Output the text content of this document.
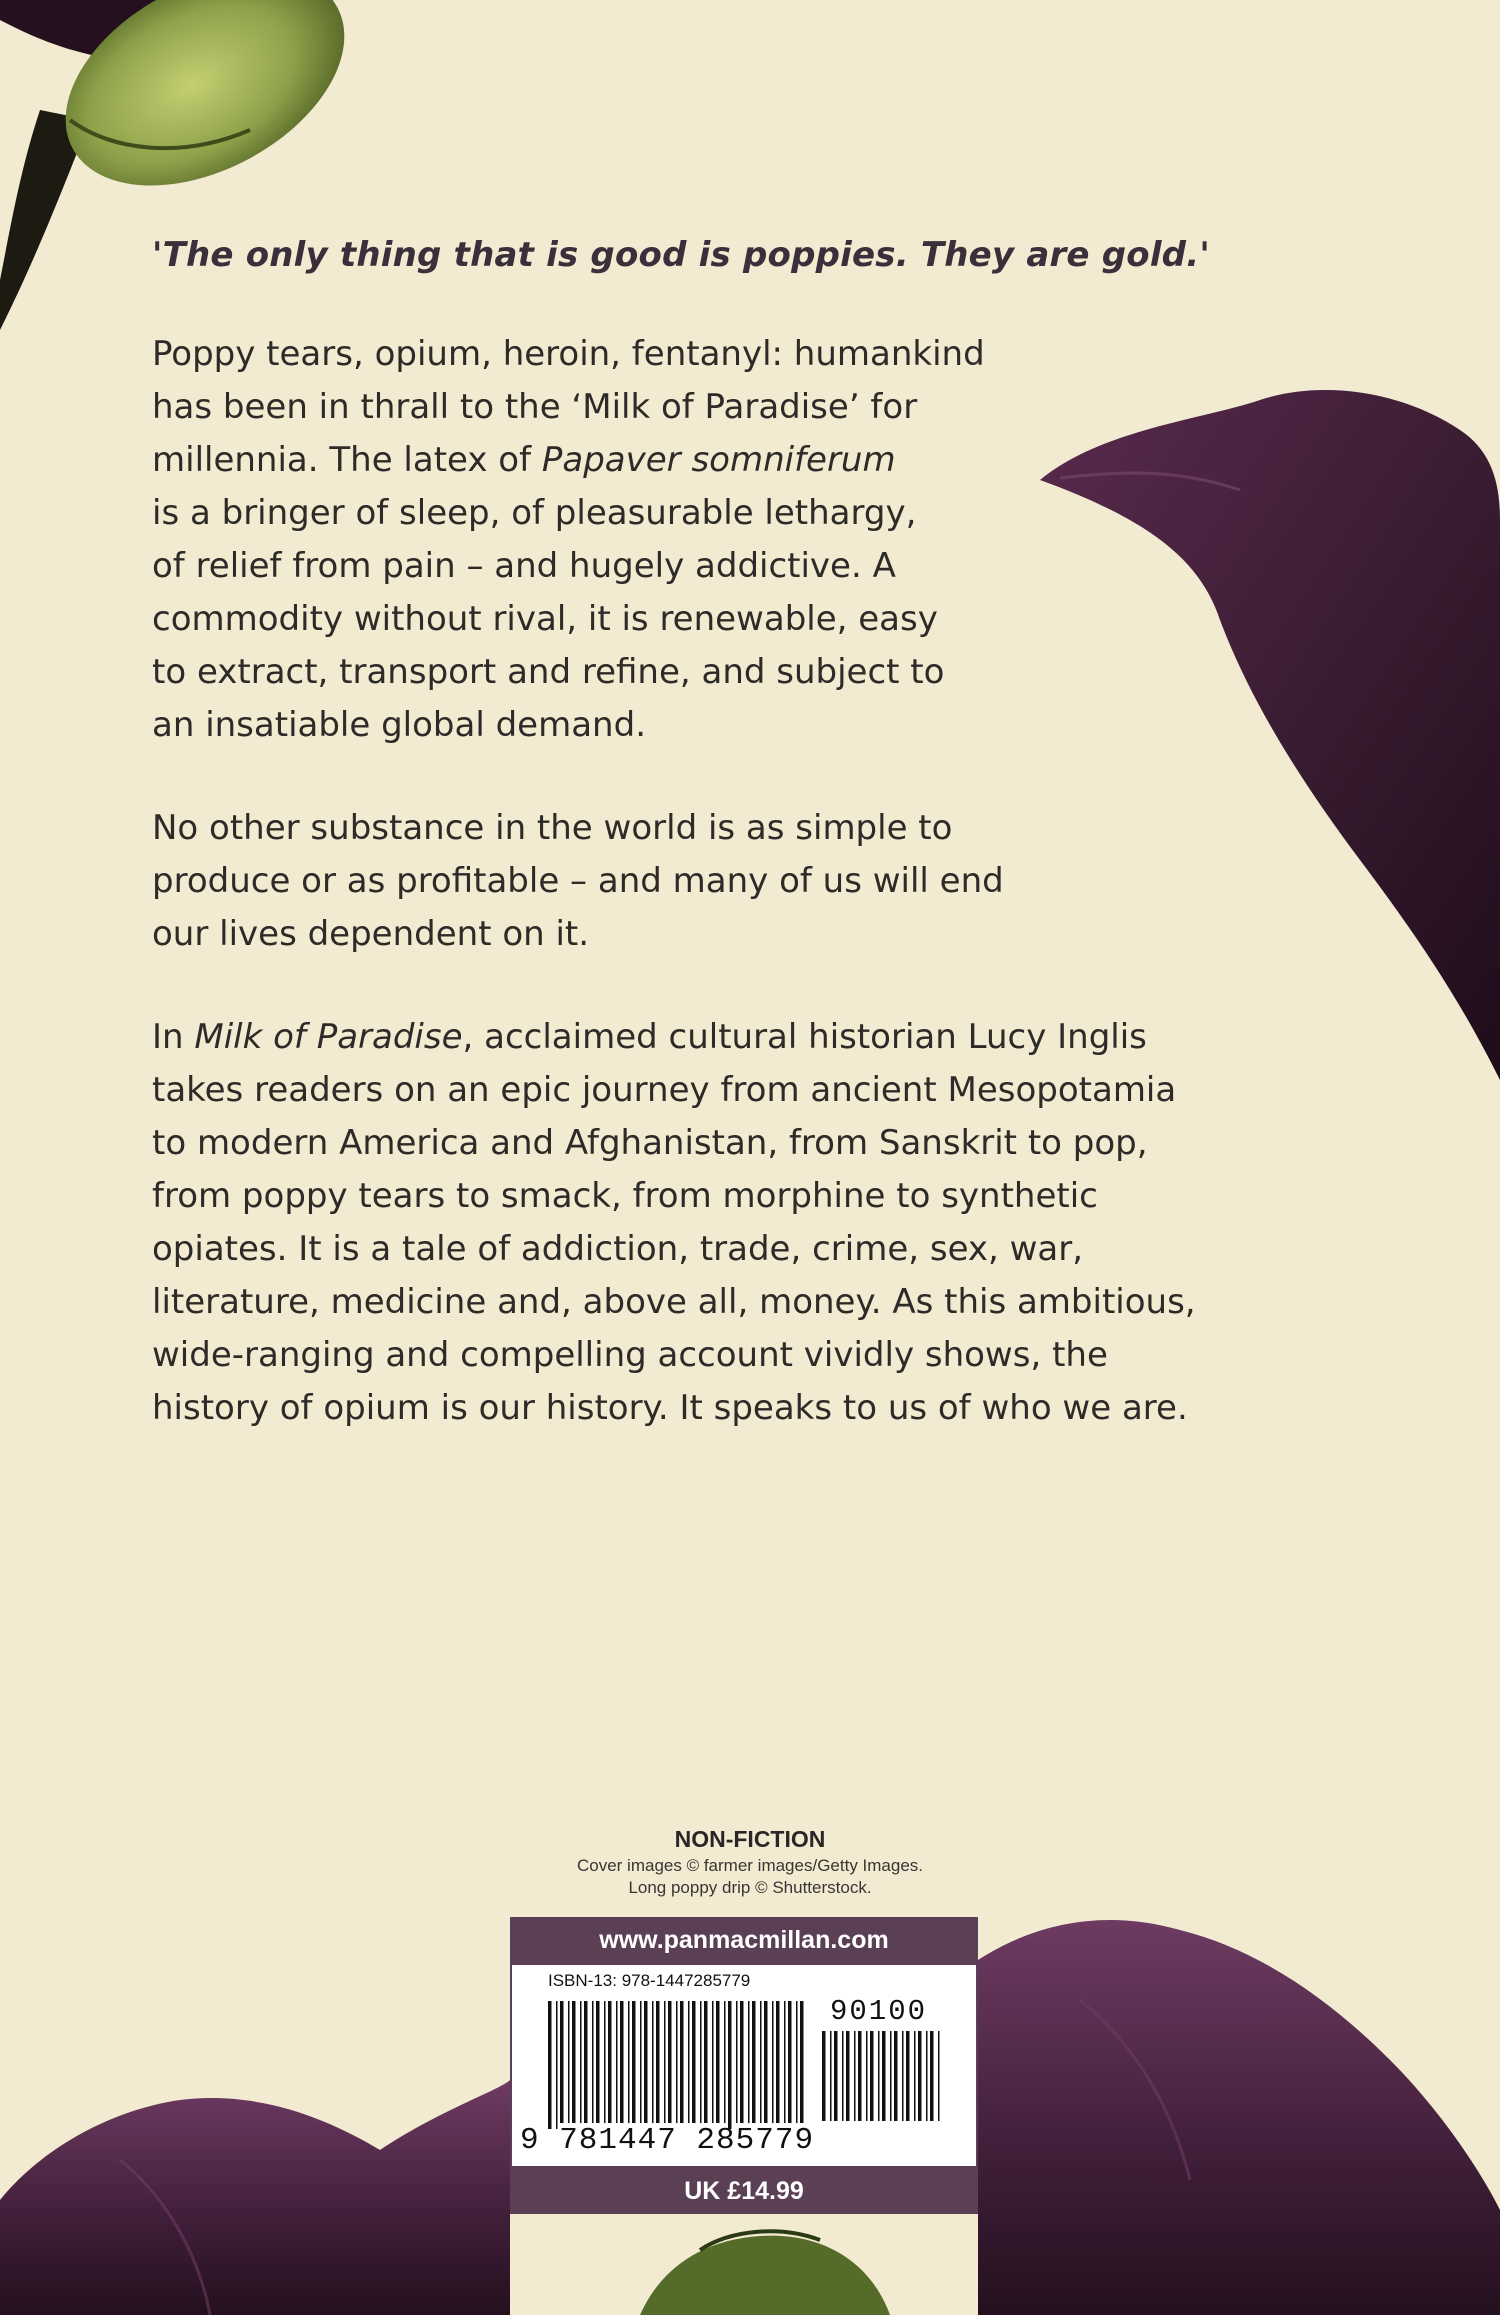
'The only thing that is good is poppies. They are gold.'

Poppy tears, opium, heroin, fentanyl: humankind
has been in thrall to the ‘Milk of Paradise’ for
millennia. The latex of Papaver somniferum
is a bringer of sleep, of pleasurable lethargy,
of relief from pain – and hugely addictive. A
commodity without rival, it is renewable, easy
to extract, transport and refine, and subject to
an insatiable global demand.

No other substance in the world is as simple to
produce or as profitable – and many of us will end
our lives dependent on it.

In Milk of Paradise, acclaimed cultural historian Lucy Inglis
takes readers on an epic journey from ancient Mesopotamia
to modern America and Afghanistan, from Sanskrit to pop,
from poppy tears to smack, from morphine to synthetic
opiates. It is a tale of addiction, trade, crime, sex, war,
literature, medicine and, above all, money. As this ambitious,
wide-ranging and compelling account vividly shows, the
history of opium is our history. It speaks to us of who we are.

NON-FICTION
Cover images © farmer images/Getty Images.
Long poppy drip © Shutterstock.
www.panmacmillan.com
ISBN-13: 978-1447285779
90100
9 781447 285779
UK £14.99
